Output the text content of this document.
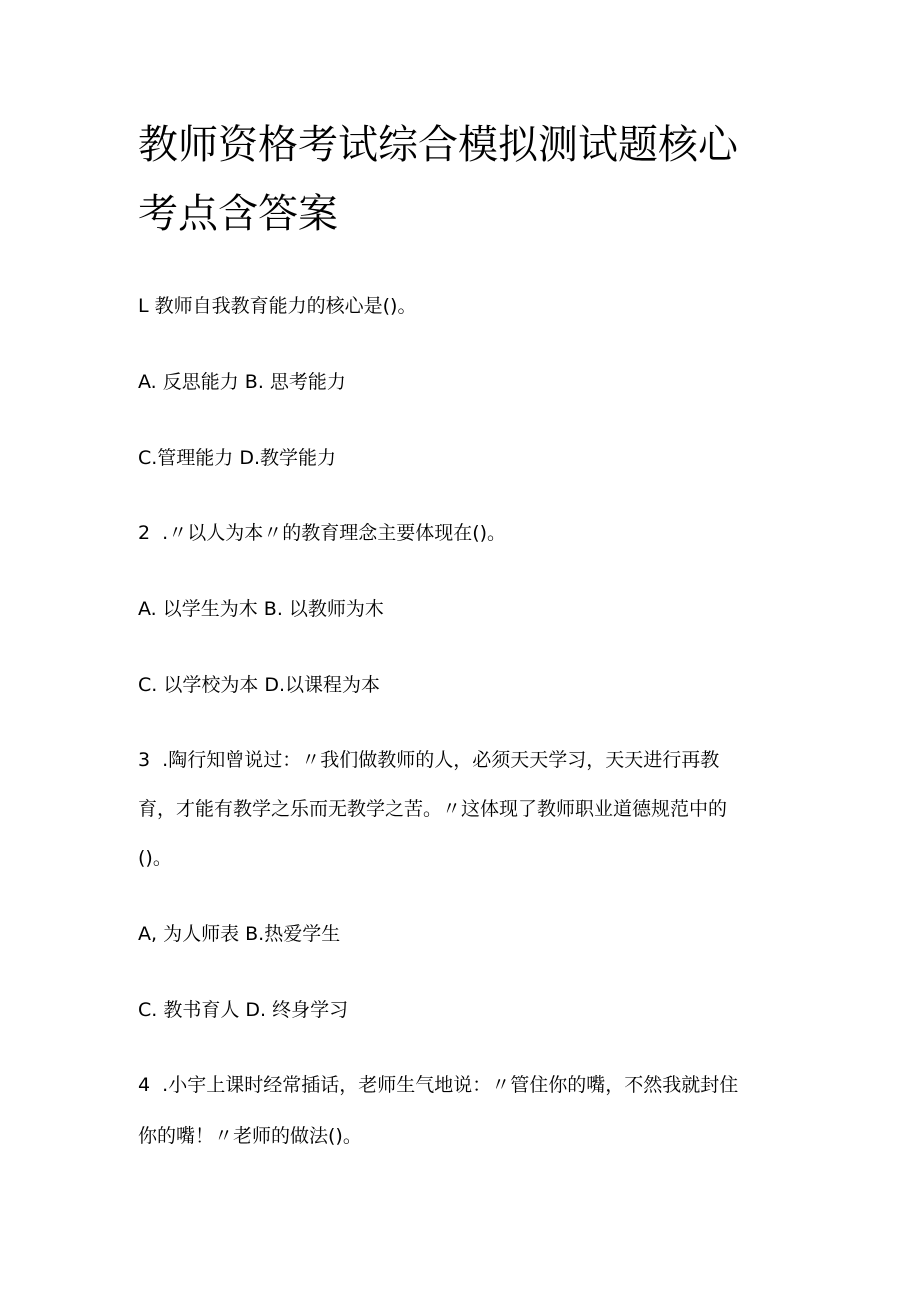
教师资格考试综合模拟测试题核心
考点含答案

L 教师自我教育能力的核心是()。

A. 反思能力 B. 思考能力

C.管理能力 D.教学能力

2  .〃以人为本〃的教育理念主要体现在()。

A. 以学生为木 B. 以教师为木

C. 以学校为本 D.以课程为本

3  .陶行知曾说过：〃我们做教师的人，必须天天学习，天天进行再教

育，才能有教学之乐而无教学之苦。〃这体现了教师职业道德规范中的

()。

A, 为人师表 B.热爱学生

C. 教书育人 D. 终身学习

4  .小宇上课时经常插话，老师生气地说：〃管住你的嘴，不然我就封住

你的嘴！〃老师的做法()。
